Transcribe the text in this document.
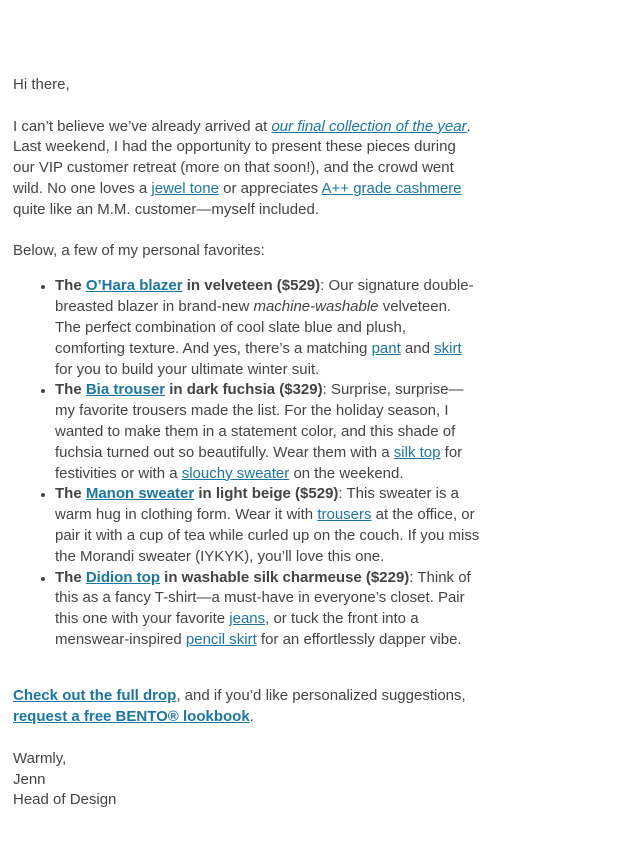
Hi there,

I can’t believe we’ve already arrived at our final collection of the year. Last weekend, I had the opportunity to present these pieces during our VIP customer retreat (more on that soon!), and the crowd went wild. No one loves a jewel tone or appreciates A++ grade cashmere quite like an M.M. customer—myself included.

Below, a few of my personal favorites:

• The O’Hara blazer in velveteen ($529): Our signature double-breasted blazer in brand-new machine-washable velveteen. The perfect combination of cool slate blue and plush, comforting texture. And yes, there’s a matching pant and skirt for you to build your ultimate winter suit.
• The Bia trouser in dark fuchsia ($329): Surprise, surprise—my favorite trousers made the list. For the holiday season, I wanted to make them in a statement color, and this shade of fuchsia turned out so beautifully. Wear them with a silk top for festivities or with a slouchy sweater on the weekend.
• The Manon sweater in light beige ($529): This sweater is a warm hug in clothing form. Wear it with trousers at the office, or pair it with a cup of tea while curled up on the couch. If you miss the Morandi sweater (IYKYK), you’ll love this one.
• The Didion top in washable silk charmeuse ($229): Think of this as a fancy T-shirt—a must-have in everyone’s closet. Pair this one with your favorite jeans, or tuck the front into a menswear-inspired pencil skirt for an effortlessly dapper vibe.

Check out the full drop, and if you’d like personalized suggestions, request a free BENTO® lookbook.

Warmly,
Jenn
Head of Design
